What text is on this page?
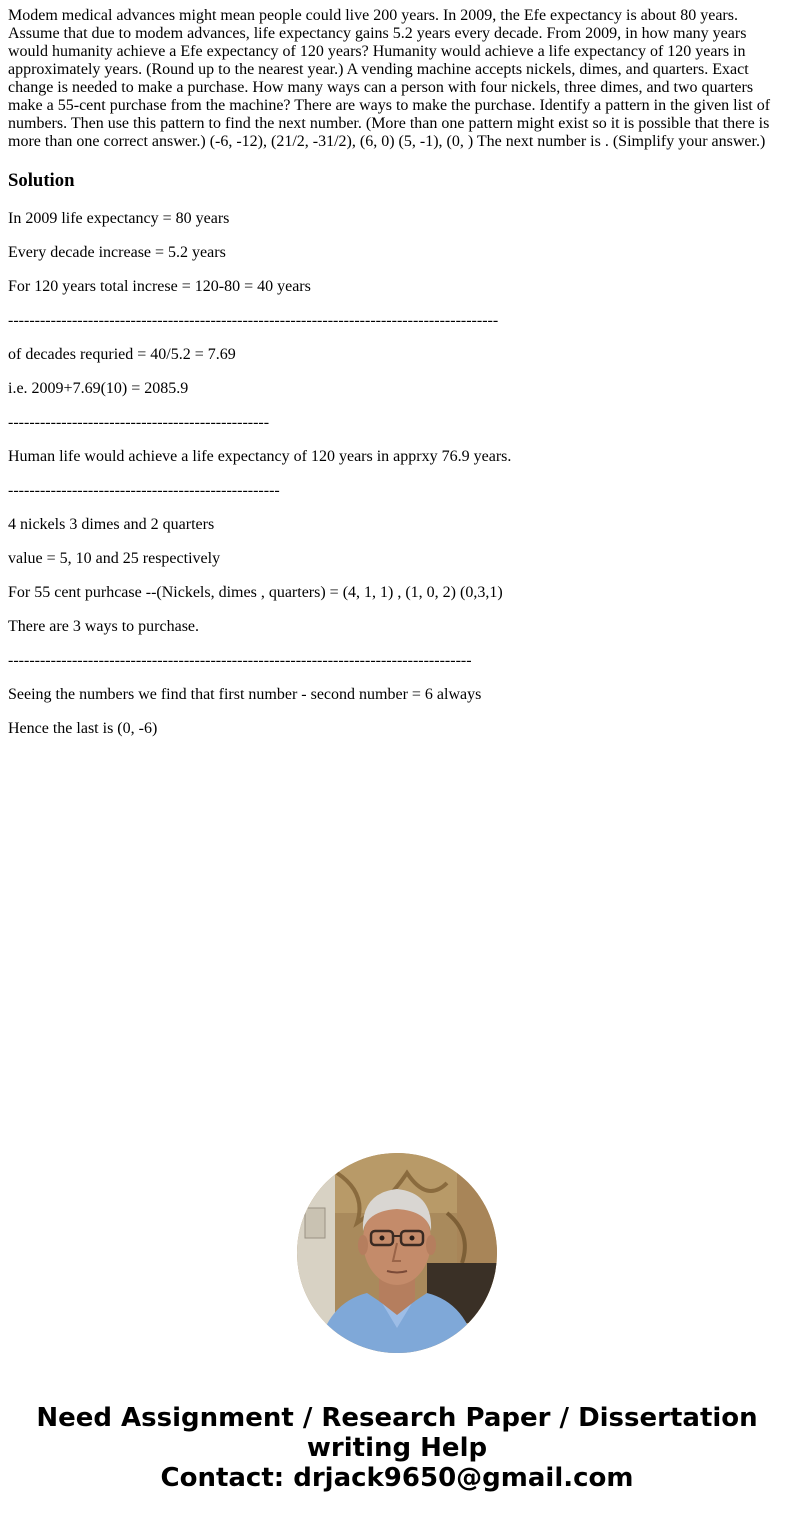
Modem medical advances might mean people could live 200 years. In 2009, the Efe expectancy is about 80 years. Assume that due to modem advances, life expectancy gains 5.2 years every decade. From 2009, in how many years would humanity achieve a Efe expectancy of 120 years? Humanity would achieve a life expectancy of 120 years in approximately years. (Round up to the nearest year.) A vending machine accepts nickels, dimes, and quarters. Exact change is needed to make a purchase. How many ways can a person with four nickels, three dimes, and two quarters make a 55-cent purchase from the machine? There are ways to make the purchase. Identify a pattern in the given list of numbers. Then use this pattern to find the next number. (More than one pattern might exist so it is possible that there is more than one correct answer.) (-6, -12), (21/2, -31/2), (6, 0) (5, -1), (0, ) The next number is . (Simplify your answer.)

Solution

In 2009 life expectancy = 80 years

Every decade increase = 5.2 years

For 120 years total increse = 120-80 = 40 years

--------------------------------------------------------------------------------------------

of decades requried = 40/5.2 = 7.69

i.e. 2009+7.69(10) = 2085.9

-------------------------------------------------

Human life would achieve a life expectancy of 120 years in apprxy 76.9 years.

---------------------------------------------------

4 nickels 3 dimes and 2 quarters

value = 5, 10 and 25 respectively

For 55 cent purhcase --(Nickels, dimes , quarters) = (4, 1, 1) , (1, 0, 2) (0,3,1)

There are 3 ways to purchase.

---------------------------------------------------------------------------------------

Seeing the numbers we find that first number - second number = 6 always

Hence the last is (0, -6)

Need Assignment / Research Paper / Dissertation
writing Help
Contact: drjack9650@gmail.com
